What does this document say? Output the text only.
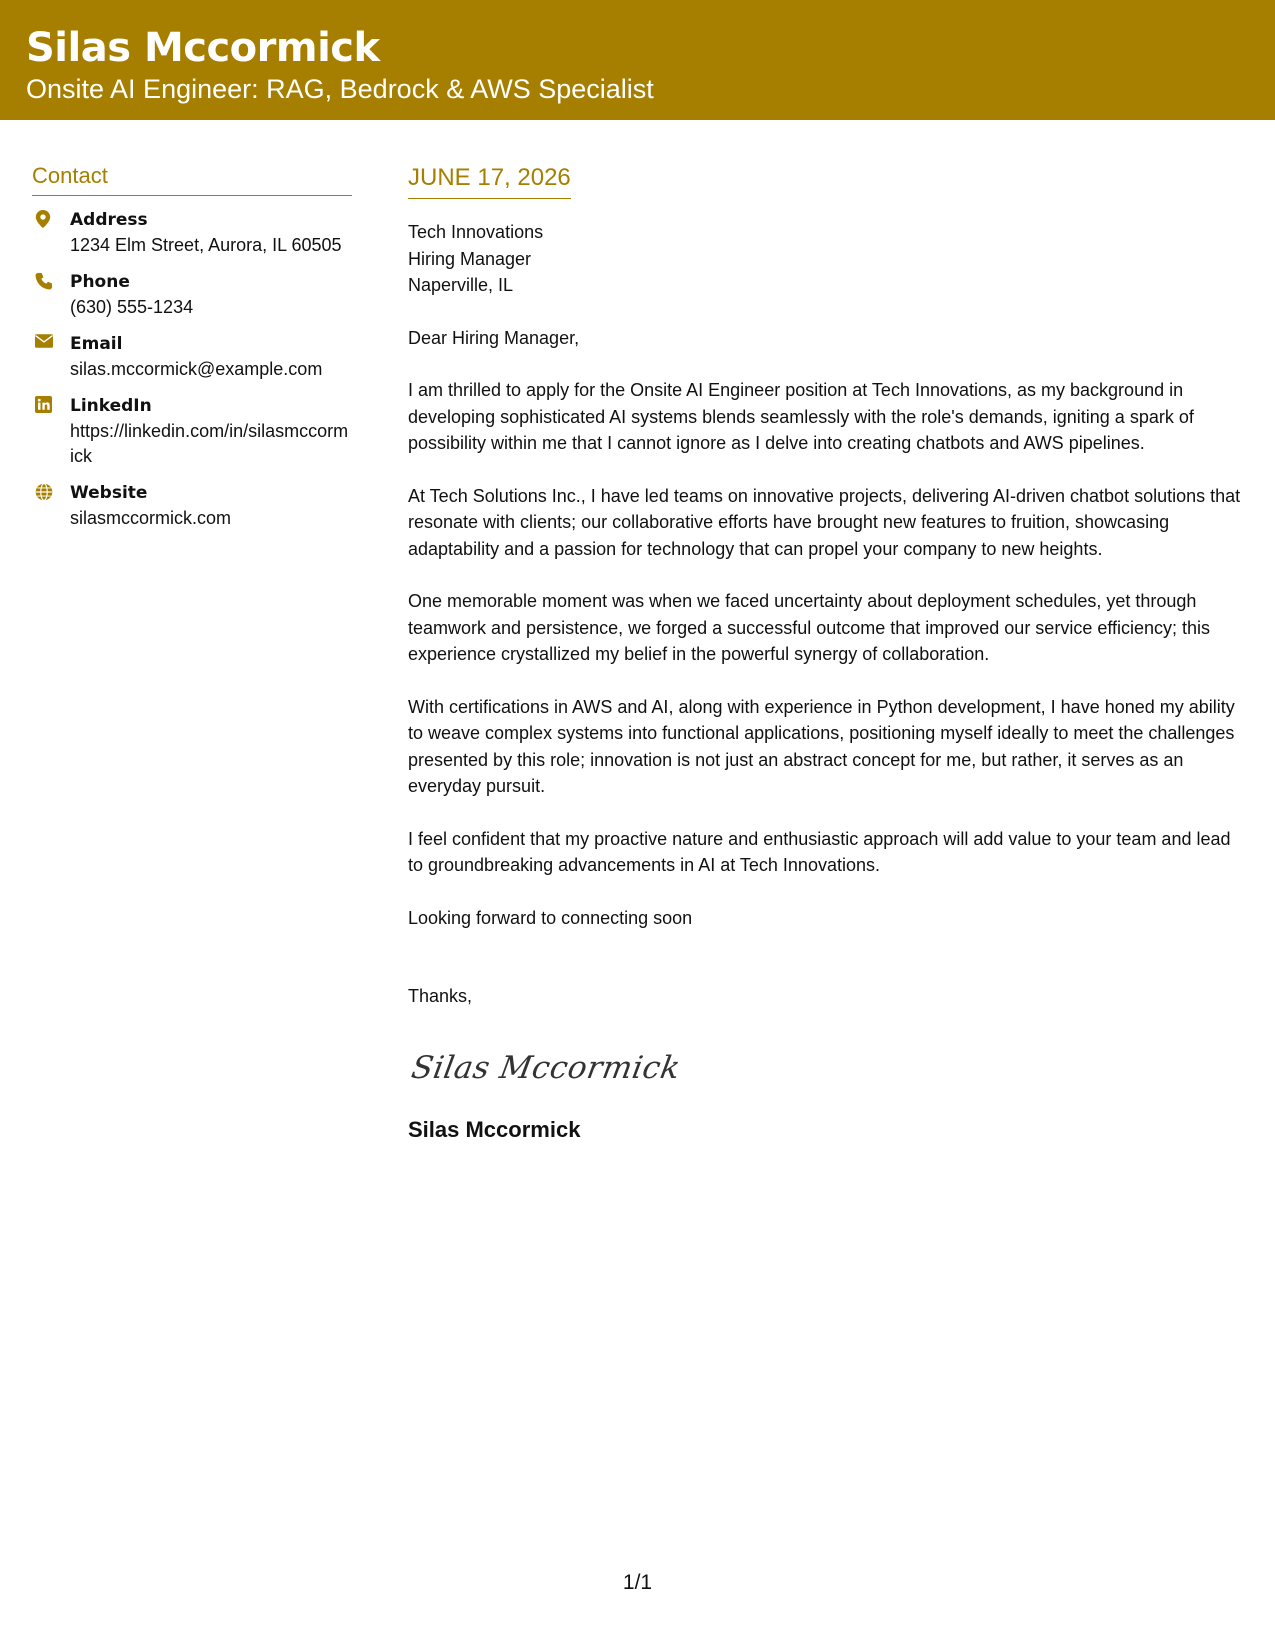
Silas Mccormick
Onsite AI Engineer: RAG, Bedrock & AWS Specialist
Contact
Address
1234 Elm Street, Aurora, IL 60505
Phone
(630) 555-1234
Email
silas.mccormick@example.com
LinkedIn
https://linkedin.com/in/silasmccormick
Website
silasmccormick.com
JUNE 17, 2026
Tech Innovations
Hiring Manager
Naperville, IL
Dear Hiring Manager,
I am thrilled to apply for the Onsite AI Engineer position at Tech Innovations, as my background in developing sophisticated AI systems blends seamlessly with the role's demands, igniting a spark of possibility within me that I cannot ignore as I delve into creating chatbots and AWS pipelines.
At Tech Solutions Inc., I have led teams on innovative projects, delivering AI-driven chatbot solutions that resonate with clients; our collaborative efforts have brought new features to fruition, showcasing adaptability and a passion for technology that can propel your company to new heights.
One memorable moment was when we faced uncertainty about deployment schedules, yet through teamwork and persistence, we forged a successful outcome that improved our service efficiency; this experience crystallized my belief in the powerful synergy of collaboration.
With certifications in AWS and AI, along with experience in Python development, I have honed my ability to weave complex systems into functional applications, positioning myself ideally to meet the challenges presented by this role; innovation is not just an abstract concept for me, but rather, it serves as an everyday pursuit.
I feel confident that my proactive nature and enthusiastic approach will add value to your team and lead to groundbreaking advancements in AI at Tech Innovations.
Looking forward to connecting soon
Thanks,
Silas Mccormick
Silas Mccormick
1/1
